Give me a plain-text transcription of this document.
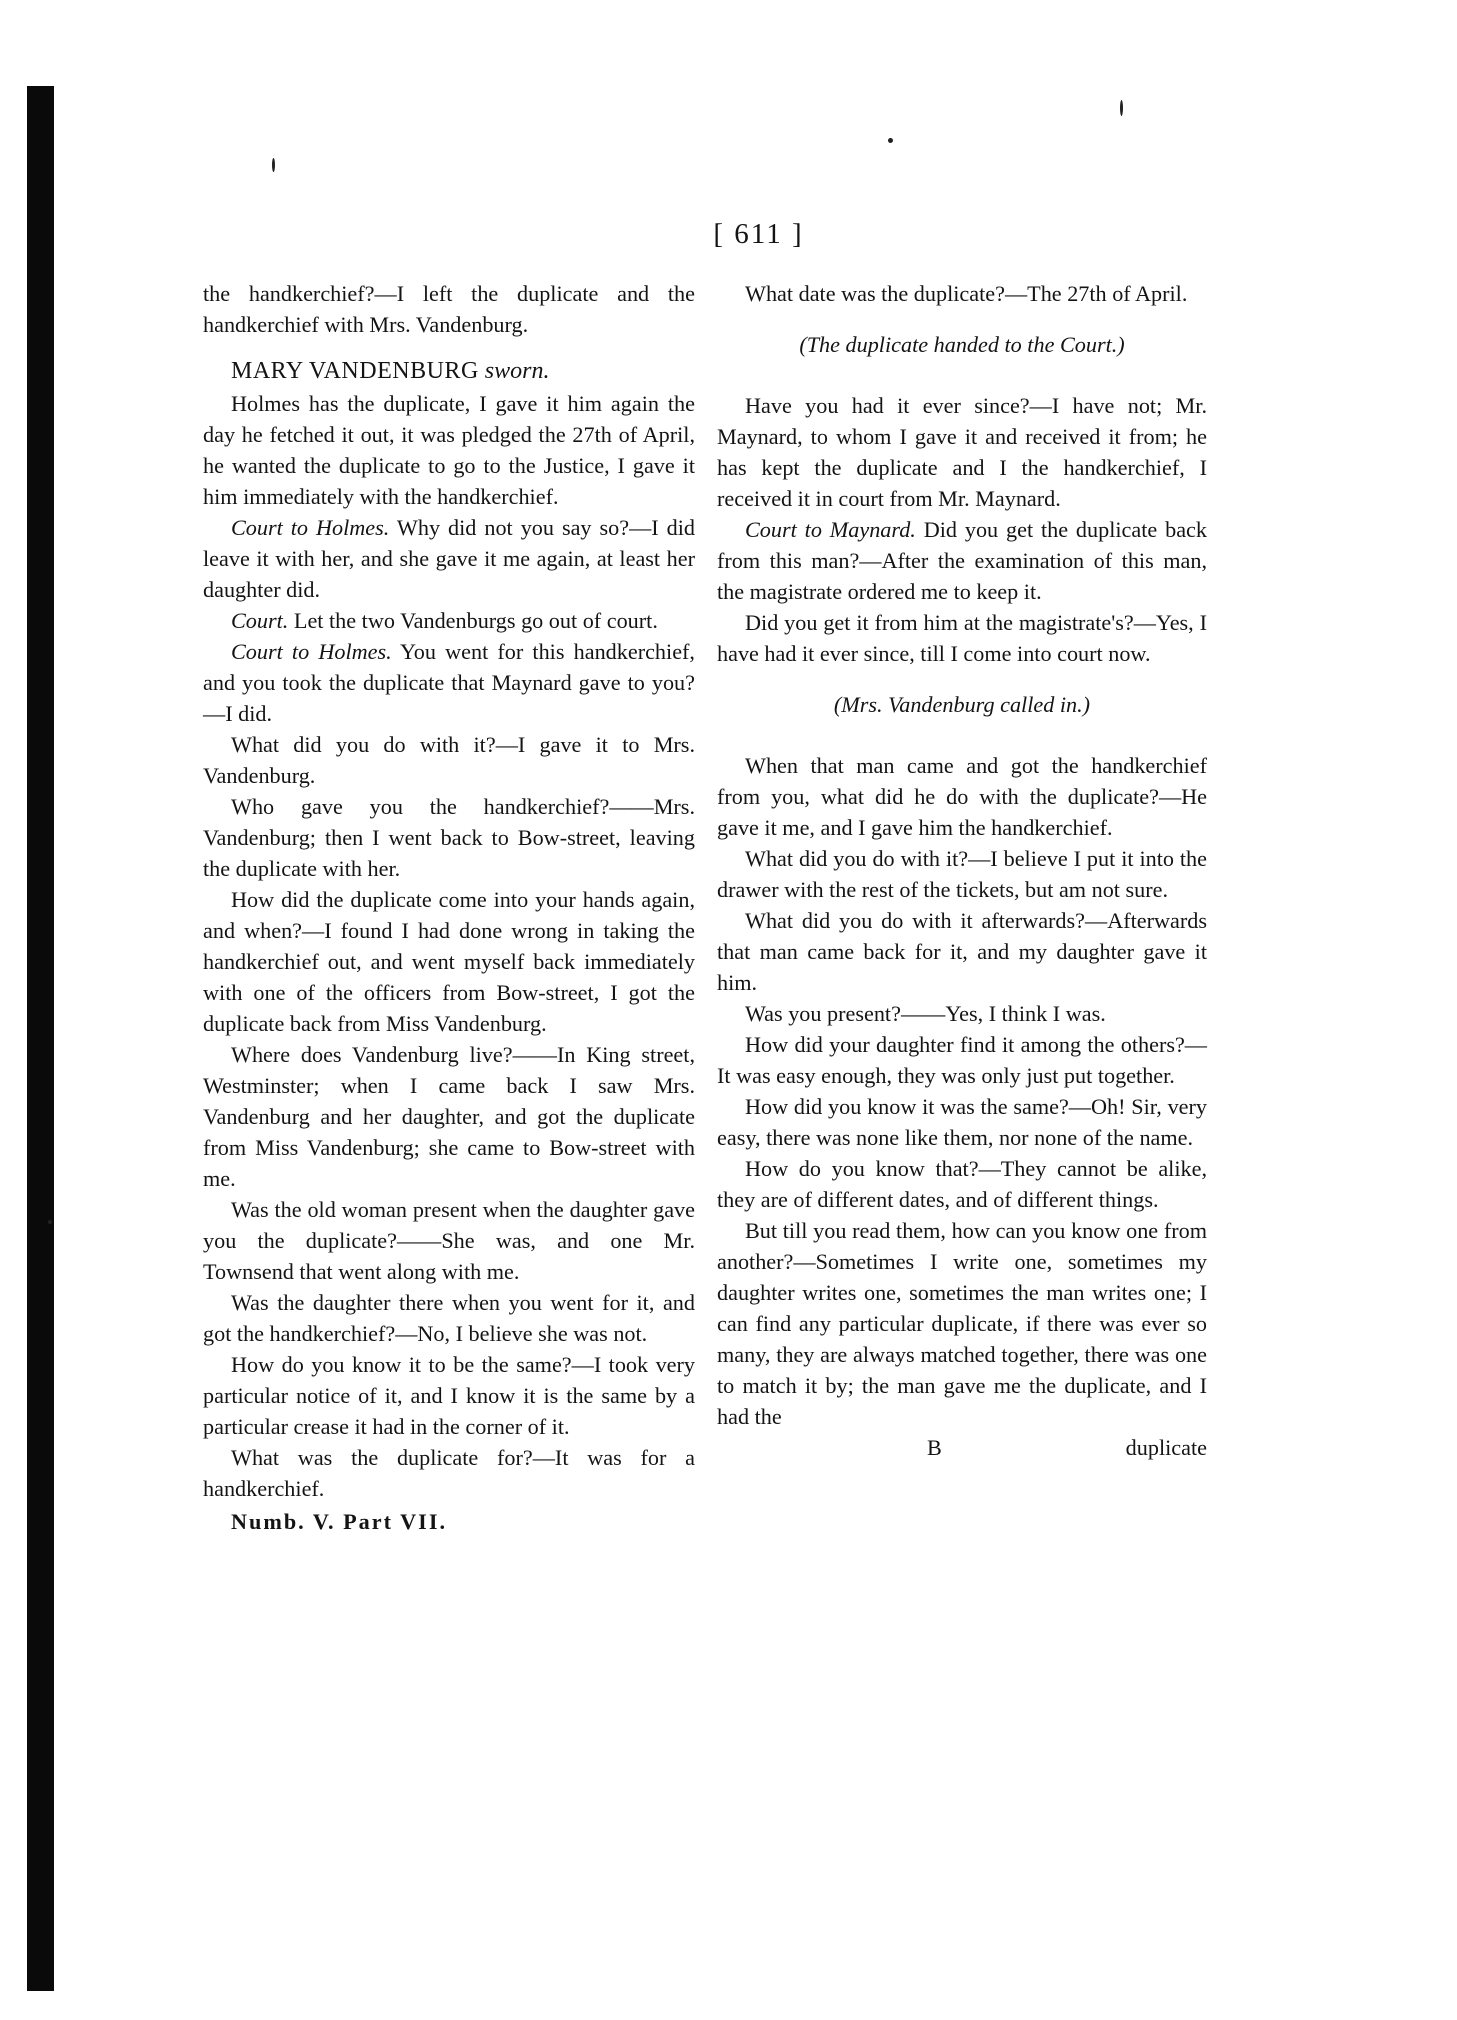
[ 611 ]

the handkerchief?—I left the duplicate and the handkerchief with Mrs. Vandenburg.

MARY VANDENBURG sworn.

Holmes has the duplicate, I gave it him again the day he fetched it out, it was pledged the 27th of April, he wanted the duplicate to go to the Justice, I gave it him immediately with the handkerchief.

Court to Holmes. Why did not you say so?—I did leave it with her, and she gave it me again, at least her daughter did.

Court. Let the two Vandenburgs go out of court.

Court to Holmes. You went for this handkerchief, and you took the duplicate that Maynard gave to you?—I did.

What did you do with it?—I gave it to Mrs. Vandenburg.

Who gave you the handkerchief?——Mrs. Vandenburg; then I went back to Bow-street, leaving the duplicate with her.

How did the duplicate come into your hands again, and when?—I found I had done wrong in taking the handkerchief out, and went myself back immediately with one of the officers from Bow-street, I got the duplicate back from Miss Vandenburg.

Where does Vandenburg live?——In King street, Westminster; when I came back I saw Mrs. Vandenburg and her daughter, and got the duplicate from Miss Vandenburg; she came to Bow-street with me.

Was the old woman present when the daughter gave you the duplicate?——She was, and one Mr. Townsend that went along with me.

Was the daughter there when you went for it, and got the handkerchief?—No, I believe she was not.

How do you know it to be the same?—I took very particular notice of it, and I know it is the same by a particular crease it had in the corner of it.

What was the duplicate for?—It was for a handkerchief.

Numb. V. Part VII.

What date was the duplicate?—The 27th of April.

(The duplicate handed to the Court.)

Have you had it ever since?—I have not; Mr. Maynard, to whom I gave it and received it from; he has kept the duplicate and I the handkerchief, I received it in court from Mr. Maynard.

Court to Maynard. Did you get the duplicate back from this man?—After the examination of this man, the magistrate ordered me to keep it.

Did you get it from him at the magistrate's?—Yes, I have had it ever since, till I come into court now.

(Mrs. Vandenburg called in.)

When that man came and got the handkerchief from you, what did he do with the duplicate?—He gave it me, and I gave him the handkerchief.

What did you do with it?—I believe I put it into the drawer with the rest of the tickets, but am not sure.

What did you do with it afterwards?—Afterwards that man came back for it, and my daughter gave it him.

Was you present?——Yes, I think I was.

How did your daughter find it among the others?—It was easy enough, they was only just put together.

How did you know it was the same?—Oh! Sir, very easy, there was none like them, nor none of the name.

How do you know that?—They cannot be alike, they are of different dates, and of different things.

But till you read them, how can you know one from another?—Sometimes I write one, sometimes my daughter writes one, sometimes the man writes one; I can find any particular duplicate, if there was ever so many, they are always matched together, there was one to match it by; the man gave me the duplicate, and I had the

B	duplicate
